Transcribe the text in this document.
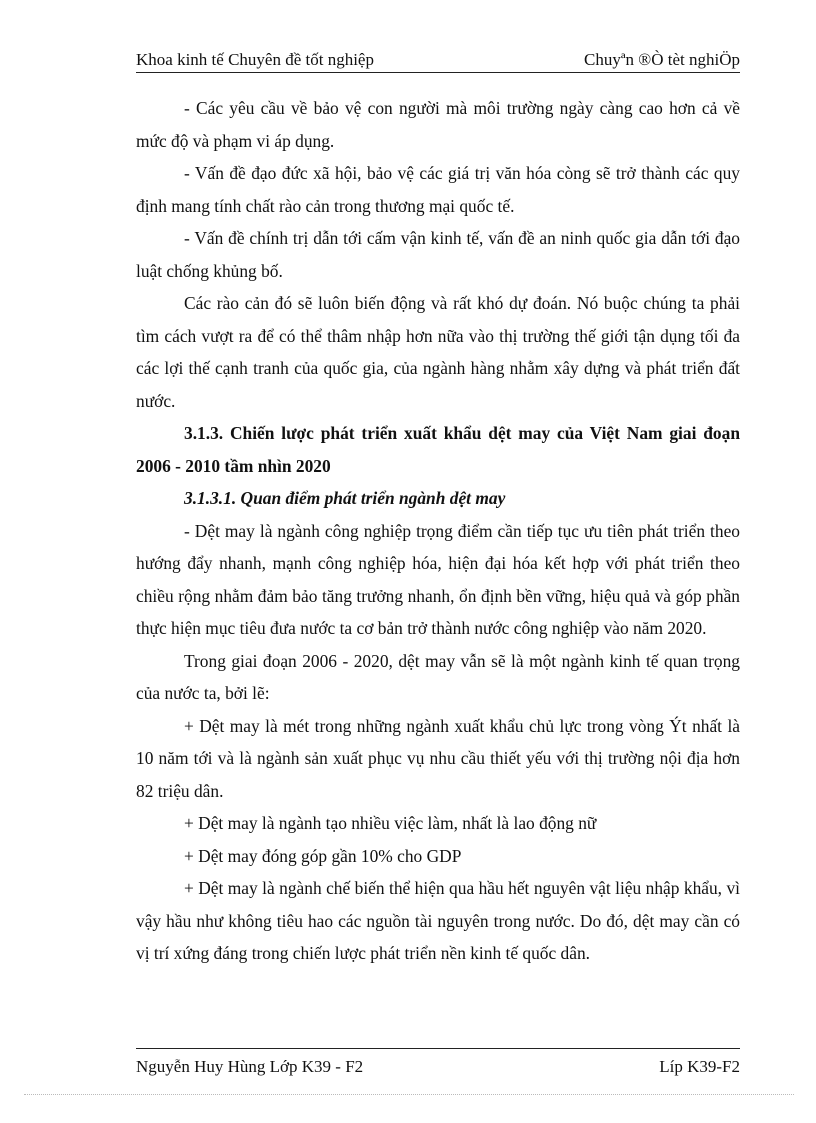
Khoa kinh tế Chuyên đề tốt nghiệp	Chuyªn ®Ò tèt nghiÖp

- Các yêu cầu về bảo vệ con người mà môi trường ngày càng cao hơn cả về mức độ và phạm vi áp dụng.

- Vấn đề đạo đức xã hội, bảo vệ các giá trị văn hóa còng sẽ trở thành các quy định mang tính chất rào cản trong thương mại quốc tế.

- Vấn đề chính trị dẫn tới cấm vận kinh tế, vấn đề an ninh quốc gia dẫn tới đạo luật chống khủng bố.

Các rào cản đó sẽ luôn biến động và rất khó dự đoán. Nó buộc chúng ta phải tìm cách vượt ra để có thể thâm nhập hơn nữa vào thị trường thế giới tận dụng tối đa các lợi thế cạnh tranh của quốc gia, của ngành hàng nhằm xây dựng và phát triển đất nước.

3.1.3. Chiến lược phát triển xuất khẩu dệt may của Việt Nam giai đoạn 2006 - 2010 tầm nhìn 2020

3.1.3.1. Quan điểm phát triển ngành dệt may

- Dệt may là ngành công nghiệp trọng điểm cần tiếp tục ưu tiên phát triển theo hướng đẩy nhanh, mạnh công nghiệp hóa, hiện đại hóa kết hợp với phát triển theo chiều rộng nhằm đảm bảo tăng trưởng nhanh, ổn định bền vững, hiệu quả và góp phần thực hiện mục tiêu đưa nước ta cơ bản trở thành nước công nghiệp vào năm 2020.

Trong giai đoạn 2006 - 2020, dệt may vẫn sẽ là một ngành kinh tế quan trọng của nước ta, bởi lẽ:

+ Dệt may là mét trong những ngành xuất khẩu chủ lực trong vòng Ýt nhất là 10 năm tới và là ngành sản xuất phục vụ nhu cầu thiết yếu với thị trường nội địa hơn 82 triệu dân.

+ Dệt may là ngành tạo nhiều việc làm, nhất là lao động nữ

+ Dệt may đóng góp gần 10% cho GDP

+ Dệt may là ngành chế biến thể hiện qua hầu hết nguyên vật liệu nhập khẩu, vì vậy hầu như không tiêu hao các nguồn tài nguyên trong nước. Do đó, dệt may cần có vị trí xứng đáng trong chiến lược phát triển nền kinh tế quốc dân.

Nguyễn Huy Hùng Lớp K39 - F2	Líp K39-F2
